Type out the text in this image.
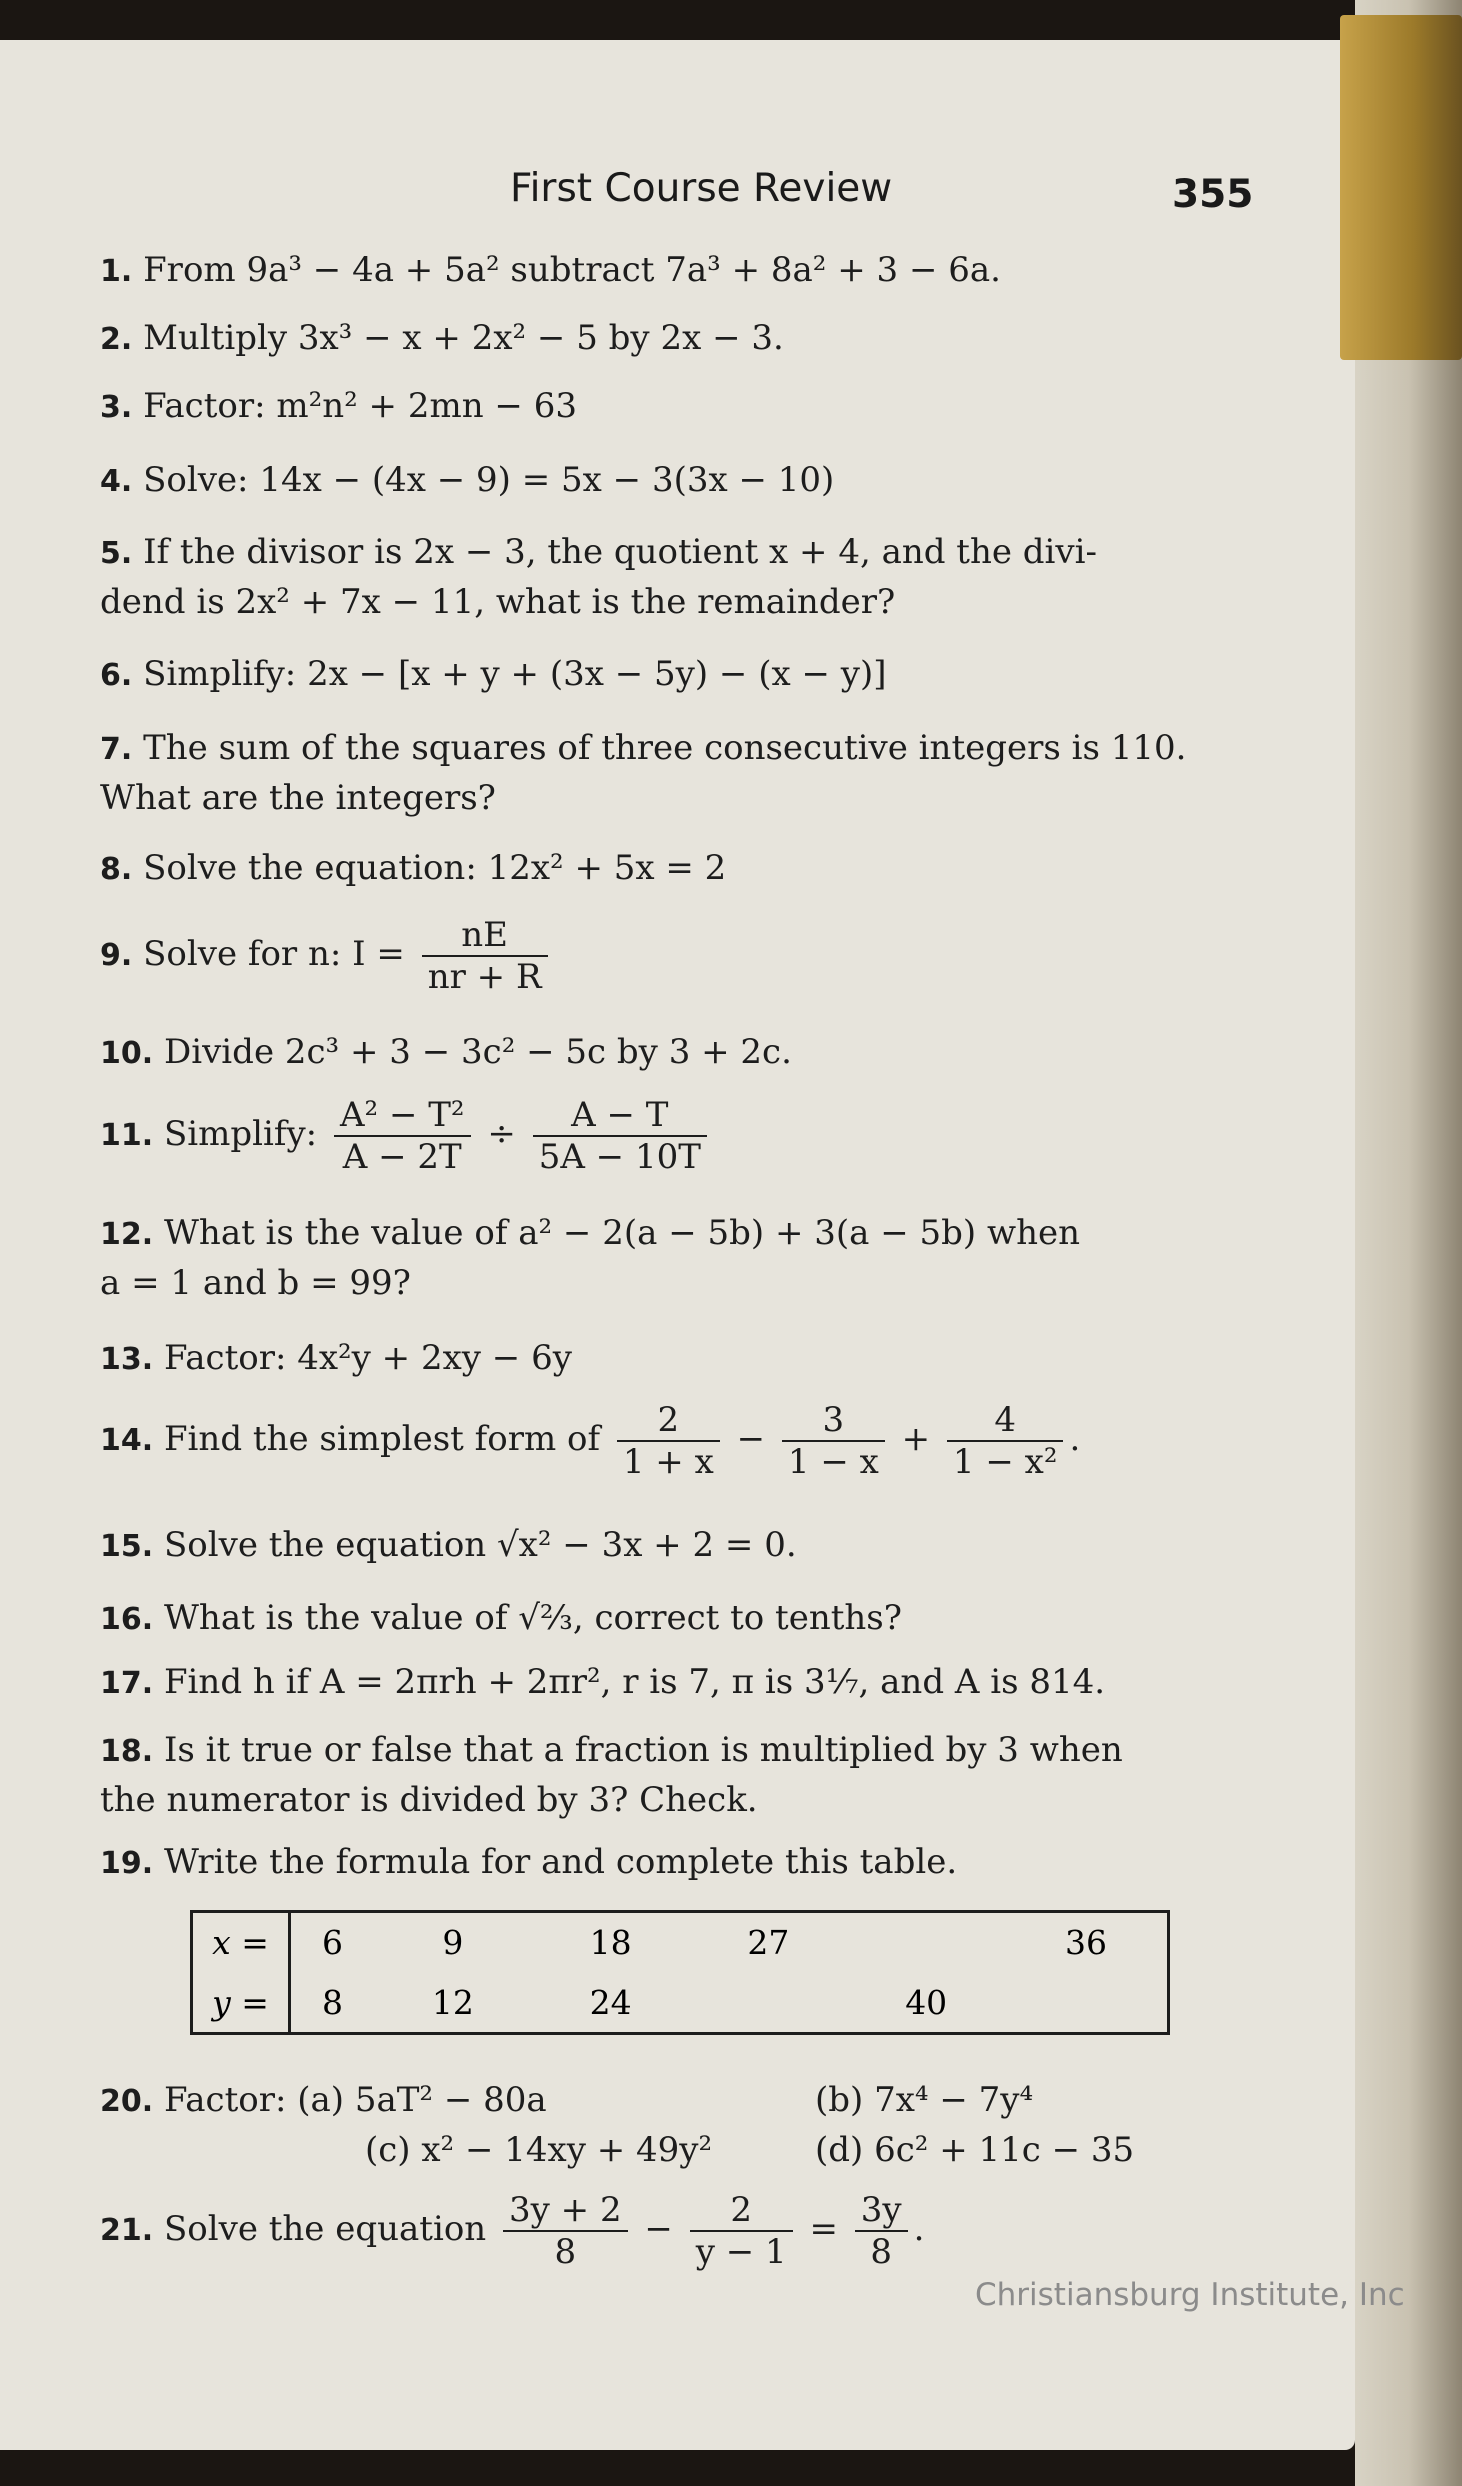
First Course Review	355
1. From 9a³ − 4a + 5a² subtract 7a³ + 8a² + 3 − 6a.
2. Multiply 3x³ − x + 2x² − 5 by 2x − 3.
3. Factor: m²n² + 2mn − 63
4. Solve: 14x − (4x − 9) = 5x − 3(3x − 10)
5. If the divisor is 2x − 3, the quotient x + 4, and the divi-
dend is 2x² + 7x − 11, what is the remainder?
6. Simplify: 2x − [x + y + (3x − 5y) − (x − y)]
7. The sum of the squares of three consecutive integers is 110.
What are the integers?
8. Solve the equation: 12x² + 5x = 2
9. Solve for n: $I = \frac{nE}{nr + R}$
10. Divide 2c³ + 3 − 3c² − 5c by 3 + 2c.
11. Simplify: $\frac{\text{A² − T²}}{A - 2T} \div \frac{A - T}{5A - 10T}$
12. What is the value of a² − 2(a − 5b) + 3(a − 5b) when
a = 1 and b = 99?
13. Factor: 4x²y + 2xy − 6y
14. Find the simplest form of $\frac{2}{1 + x} - \frac{3}{1 - x} + \frac{4}{\text{1 − x²}}$ .
15. Solve the equation √x² − 3x + 2 = 0.
16. What is the value of √⅔, correct to tenths?
17. Find h if A = 2πrh + 2πr², r is 7, π is 3⅐, and A is 814.
18. Is it true or false that a fraction is multiplied by 3 when
the numerator is divided by 3? Check.
19. Write the formula for and complete this table.
x =	6	9	18	27		36
y =	8	12	24		40	
20. Factor: (a) 5aT² − 80a	(b) 7x⁴ − 7y⁴
(c) x² − 14xy + 49y²	(d) 6c² + 11c − 35
21. Solve the equation $\frac{3y + 2}{8} - \frac{2}{y - 1} = \frac{3y}{8}$ .
Christiansburg Institute, Inc
